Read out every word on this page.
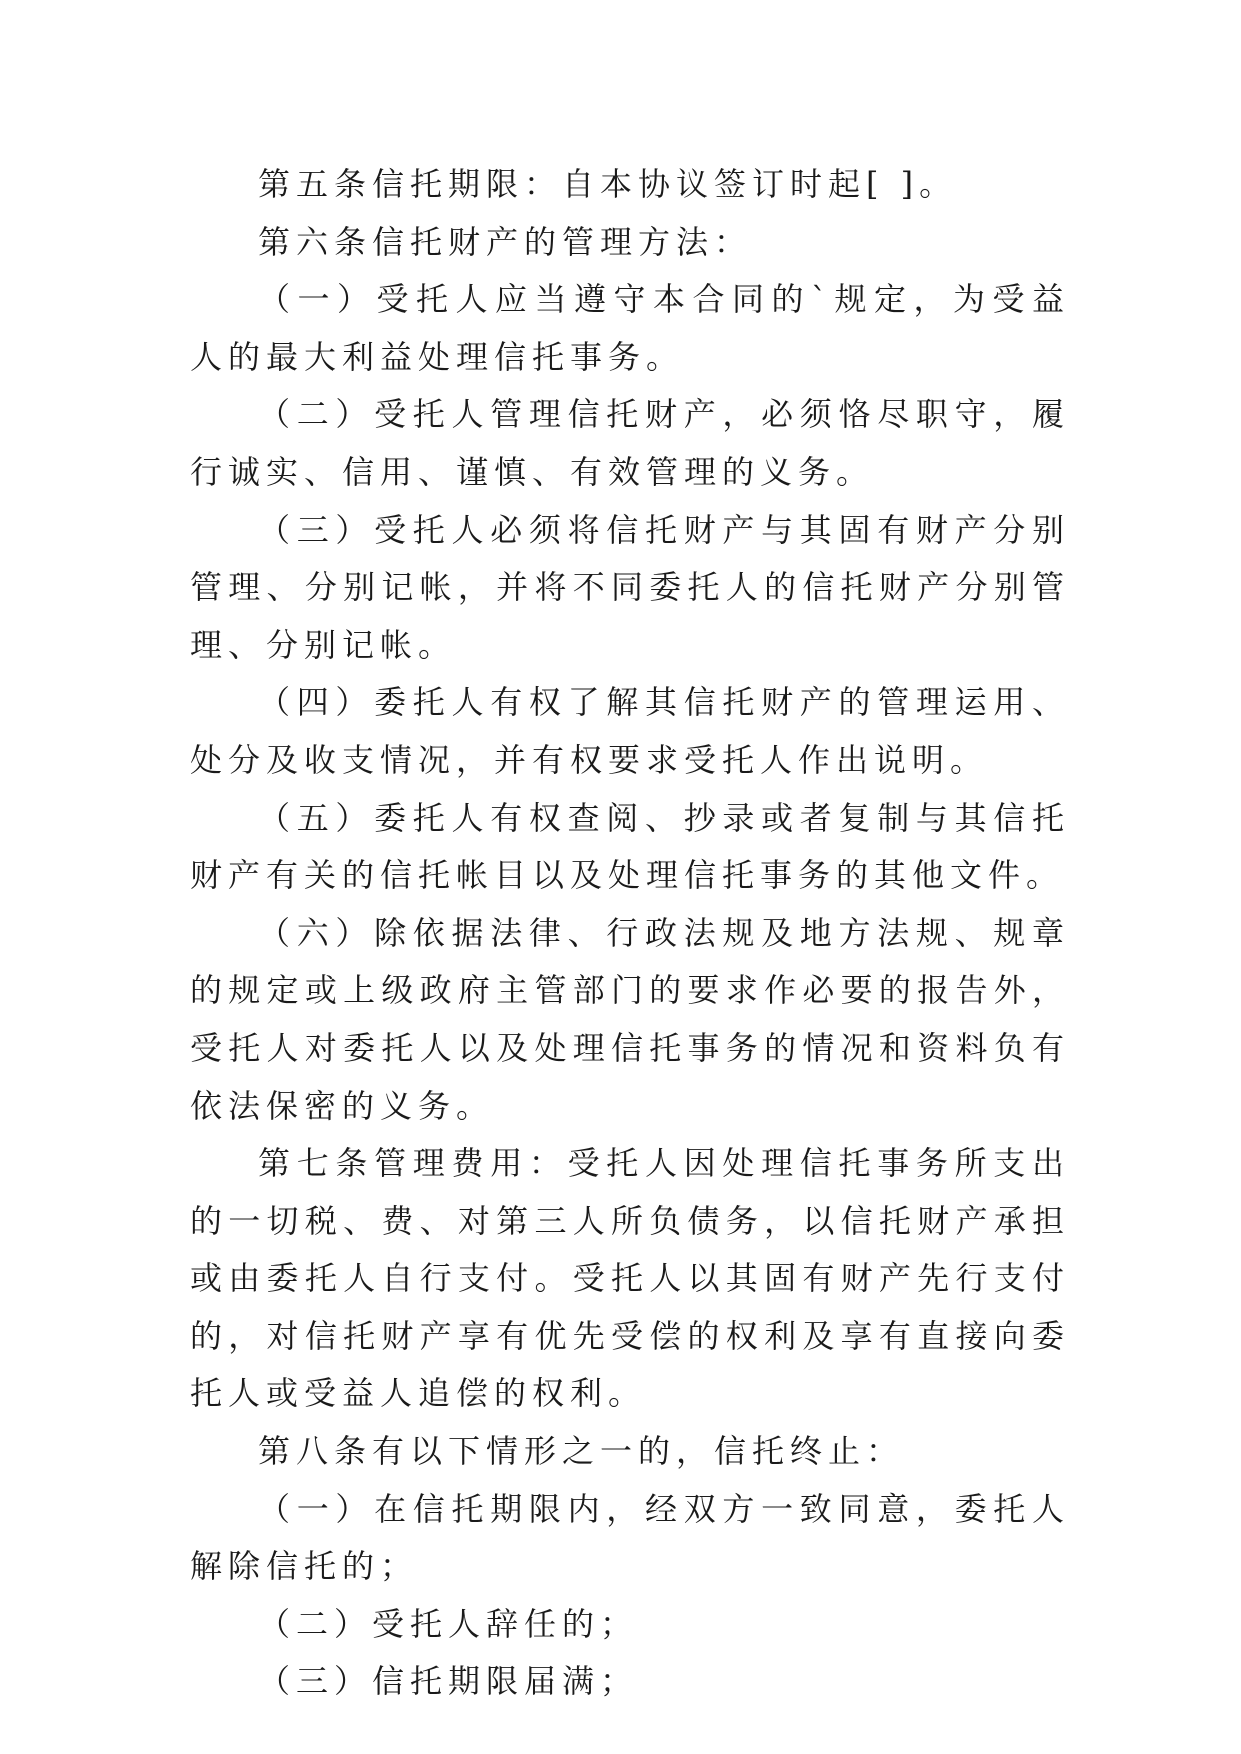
第五条信托期限：自本协议签订时起[ ]。

第六条信托财产的管理方法：

（一）受托人应当遵守本合同的`规定，为受益人的最大利益处理信托事务。

（二）受托人管理信托财产，必须恪尽职守，履行诚实、信用、谨慎、有效管理的义务。

（三）受托人必须将信托财产与其固有财产分别管理、分别记帐，并将不同委托人的信托财产分别管理、分别记帐。

（四）委托人有权了解其信托财产的管理运用、处分及收支情况，并有权要求受托人作出说明。

（五）委托人有权查阅、抄录或者复制与其信托财产有关的信托帐目以及处理信托事务的其他文件。

（六）除依据法律、行政法规及地方法规、规章的规定或上级政府主管部门的要求作必要的报告外，受托人对委托人以及处理信托事务的情况和资料负有依法保密的义务。

第七条管理费用：受托人因处理信托事务所支出的一切税、费、对第三人所负债务，以信托财产承担或由委托人自行支付。受托人以其固有财产先行支付的，对信托财产享有优先受偿的权利及享有直接向委托人或受益人追偿的权利。

第八条有以下情形之一的，信托终止：

（一）在信托期限内，经双方一致同意，委托人解除信托的；

（二）受托人辞任的；

（三）信托期限届满；
